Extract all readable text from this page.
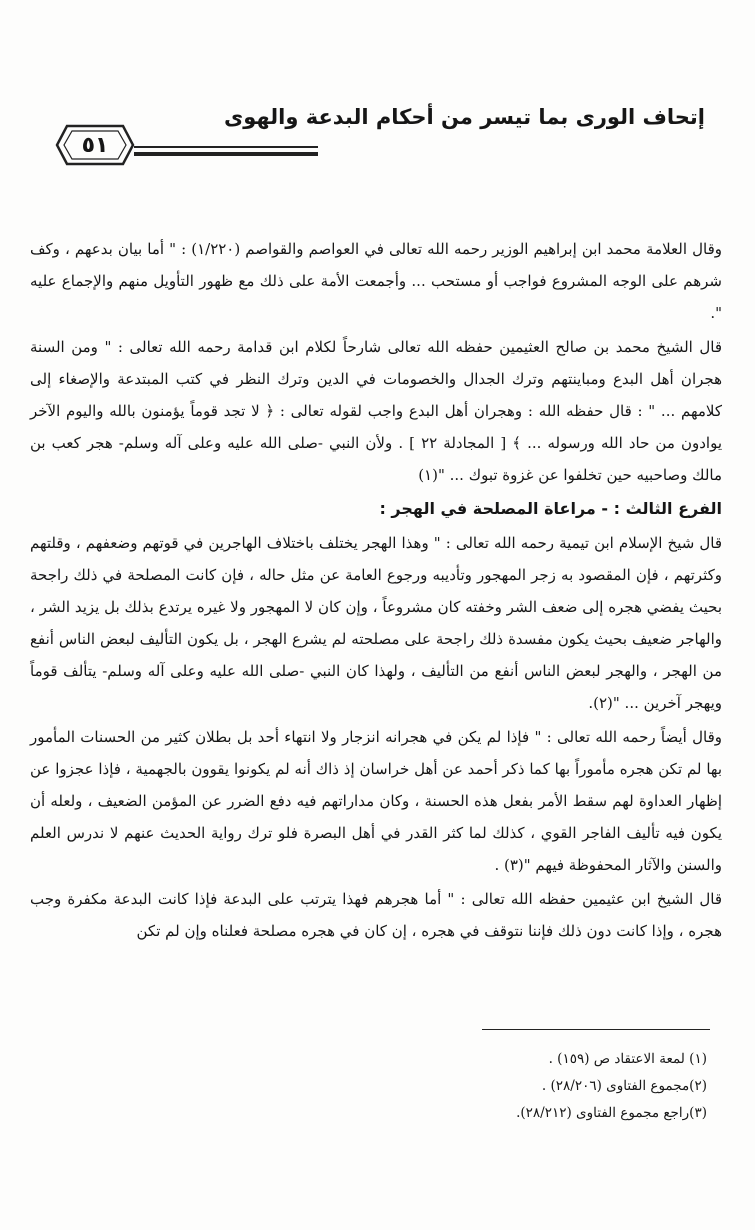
إتحاف الورى بما تيسر من أحكام البدعة والهوى
٥١

وقال العلامة محمد ابن إبراهيم الوزير رحمه الله تعالى في العواصم والقواصم (١/٢٢٠) : " أما بيان بدعهم ، وكف شرهم على الوجه المشروع فواجب أو مستحب ... وأجمعت الأمة على ذلك مع ظهور التأويل منهم والإجماع عليه ".

قال الشيخ محمد بن صالح العثيمين حفظه الله تعالى شارحاً لكلام ابن قدامة رحمه الله تعالى : " ومن السنة هجران أهل البدع ومباينتهم وترك الجدال والخصومات في الدين وترك النظر في كتب المبتدعة والإصغاء إلى كلامهم ... " : قال حفظه الله : وهجران أهل البدع واجب لقوله تعالى : ﴿ لا تجد قوماً يؤمنون بالله واليوم الآخر يوادون من حاد الله ورسوله ... ﴾ [ المجادلة ٢٢ ] . ولأن النبي -صلى الله عليه وعلى آله وسلم- هجر كعب بن مالك وصاحبيه حين تخلفوا عن غزوة تبوك ... "(١)

الفرع الثالث : - مراعاة المصلحة في الهجر :

قال شيخ الإسلام ابن تيمية رحمه الله تعالى : " وهذا الهجر يختلف باختلاف الهاجرين في قوتهم وضعفهم ، وقلتهم وكثرتهم ، فإن المقصود به زجر المهجور وتأديبه ورجوع العامة عن مثل حاله ، فإن كانت المصلحة في ذلك راجحة بحيث يفضي هجره إلى ضعف الشر وخفته كان مشروعاً ، وإن كان لا المهجور ولا غيره يرتدع بذلك بل يزيد الشر ، والهاجر ضعيف بحيث يكون مفسدة ذلك راجحة على مصلحته لم يشرع الهجر ، بل يكون التأليف لبعض الناس أنفع من الهجر ، والهجر لبعض الناس أنفع من التأليف ، ولهذا كان النبي -صلى الله عليه وعلى آله وسلم- يتألف قوماً ويهجر آخرين ... "(٢).

وقال أيضاً رحمه الله تعالى : " فإذا لم يكن في هجرانه انزجار ولا انتهاء أحد بل بطلان كثير من الحسنات المأمور بها لم تكن هجره مأموراً بها كما ذكر أحمد عن أهل خراسان إذ ذاك أنه لم يكونوا يقوون بالجهمية ، فإذا عجزوا عن إظهار العداوة لهم سقط الأمر بفعل هذه الحسنة ، وكان مداراتهم فيه دفع الضرر عن المؤمن الضعيف ، ولعله أن يكون فيه تأليف الفاجر القوي ، كذلك لما كثر القدر في أهل البصرة فلو ترك رواية الحديث عنهم لا ندرس العلم والسنن والآثار المحفوظة فيهم "(٣) .

قال الشيخ ابن عثيمين حفظه الله تعالى : " أما هجرهم فهذا يترتب على البدعة فإذا كانت البدعة مكفرة وجب هجره ، وإذا كانت دون ذلك فإننا نتوقف في هجره ، إن كان في هجره مصلحة فعلناه وإن لم تكن

(١) لمعة الاعتقاد ص (١٥٩) .
(٢)مجموع الفتاوى (٢٨/٢٠٦) .
(٣)راجع مجموع الفتاوى (٢٨/٢١٢).
